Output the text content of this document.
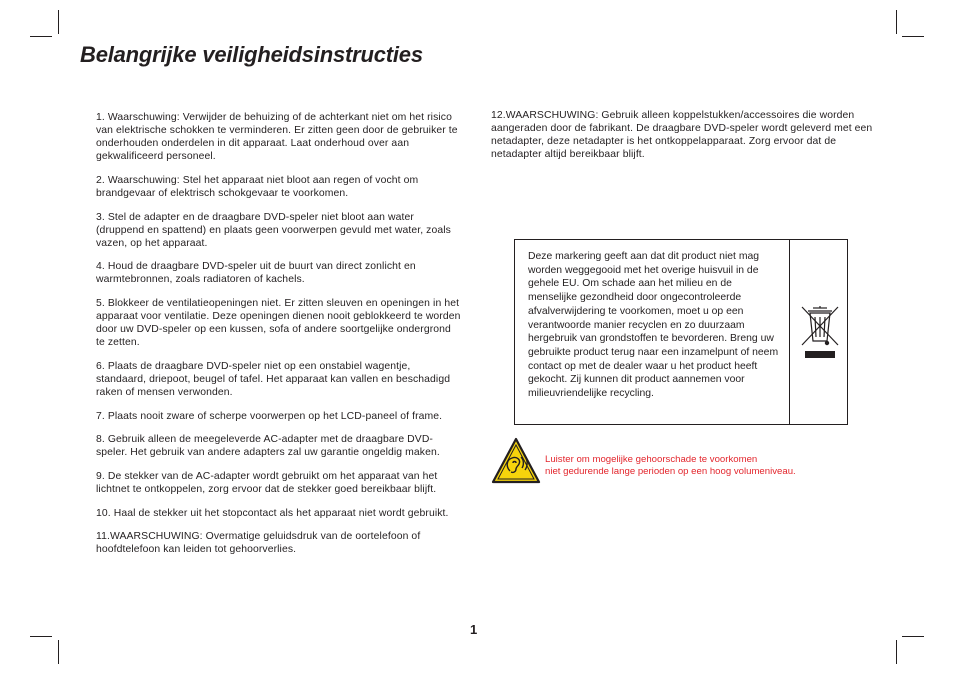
Belangrijke veiligheidsinstructies

1. Waarschuwing: Verwijder de behuizing of de achterkant niet om het risico van elektrische schokken te verminderen. Er zitten geen door de gebruiker te onderhouden onderdelen in dit apparaat. Laat onderhoud over aan gekwalificeerd personeel.

2. Waarschuwing: Stel het apparaat niet bloot aan regen of vocht om brandgevaar of elektrisch schokgevaar te voorkomen.

3. Stel de adapter en de draagbare DVD-speler niet bloot aan water (druppend en spattend) en plaats geen voorwerpen gevuld met water, zoals vazen, op het apparaat.

4. Houd de draagbare DVD-speler uit de buurt van direct zonlicht en warmtebronnen, zoals radiatoren of kachels.

5. Blokkeer de ventilatieopeningen niet. Er zitten sleuven en openingen in het apparaat voor ventilatie. Deze openingen dienen nooit geblokkeerd te worden door uw DVD-speler op een kussen, sofa of andere soortgelijke ondergrond te zetten.

6. Plaats de draagbare DVD-speler niet op een onstabiel wagentje, standaard, driepoot, beugel of tafel. Het apparaat kan vallen en beschadigd raken of mensen verwonden.

7. Plaats nooit zware of scherpe voorwerpen op het LCD-paneel of frame.

8. Gebruik alleen de meegeleverde AC-adapter met de draagbare DVD-speler. Het gebruik van andere adapters zal uw garantie ongeldig maken.

9. De stekker van de AC-adapter wordt gebruikt om het apparaat van het lichtnet te ontkoppelen, zorg ervoor dat de stekker goed bereikbaar blijft.

10. Haal de stekker uit het stopcontact als het apparaat niet wordt gebruikt.

11.WAARSCHUWING: Overmatige geluidsdruk van de oortelefoon of hoofdtelefoon kan leiden tot gehoorverlies.

12.WAARSCHUWING: Gebruik alleen koppelstukken/accessoires die worden aangeraden door de fabrikant. De draagbare DVD-speler wordt geleverd met een netadapter, deze netadapter is het ontkoppelapparaat. Zorg ervoor dat de netadapter altijd bereikbaar blijft.

Deze markering geeft aan dat dit product niet mag worden weggegooid met het overige huisvuil in de gehele EU. Om schade aan het milieu en de menselijke gezondheid door ongecontroleerde afvalverwijdering te voorkomen, moet u op een verantwoorde manier recyclen en zo duurzaam hergebruik van grondstoffen te bevorderen. Breng uw gebruikte product terug naar een inzamelpunt of neem contact op met de dealer waar u het product heeft gekocht. Zij kunnen dit product aannemen voor milieuvriendelijke recycling.

Luister om mogelijke gehoorschade te voorkomen
niet gedurende lange perioden op een hoog volumeniveau.

1
